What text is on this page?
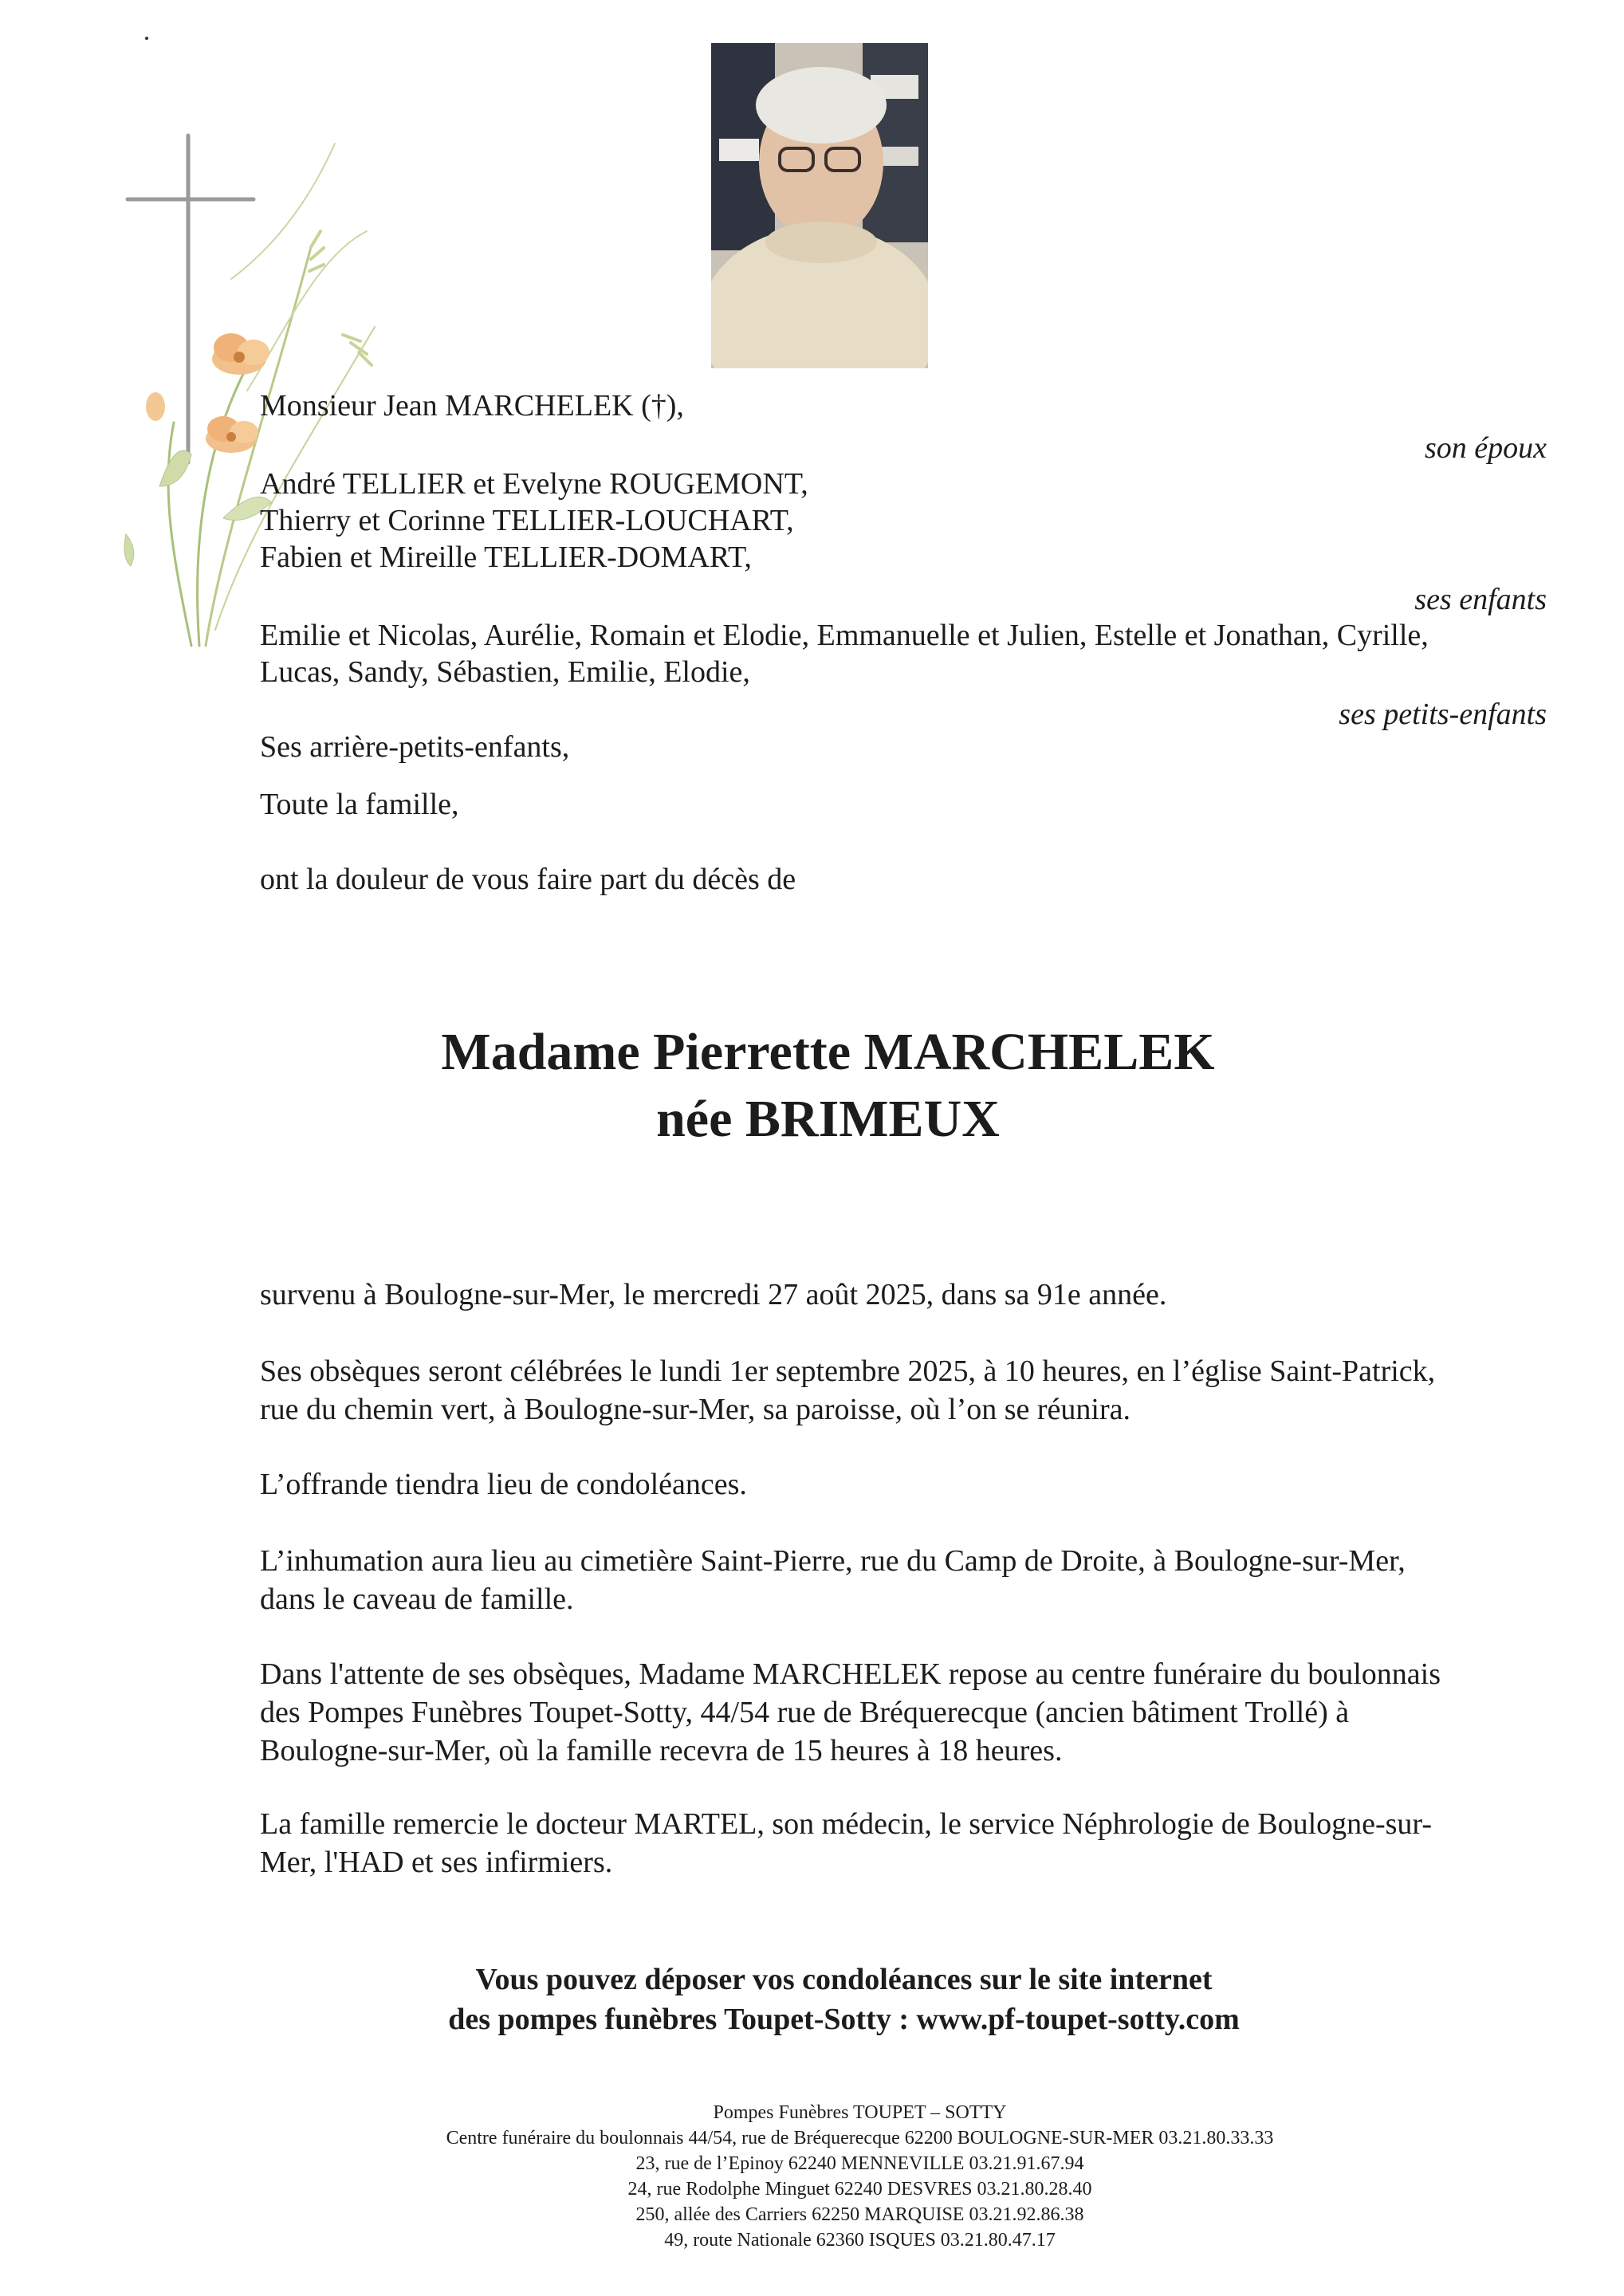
Monsieur Jean MARCHELEK (†),
son époux
André TELLIER et Evelyne ROUGEMONT,
Thierry et Corinne TELLIER-LOUCHART,
Fabien et Mireille TELLIER-DOMART,
ses enfants
Emilie et Nicolas, Aurélie, Romain et Elodie, Emmanuelle et Julien, Estelle et Jonathan, Cyrille,
Lucas, Sandy, Sébastien, Emilie, Elodie,
ses petits-enfants
Ses arrière-petits-enfants,
Toute la famille,
ont la douleur de vous faire part du décès de
Madame Pierrette MARCHELEK
née BRIMEUX
survenu à Boulogne-sur-Mer, le mercredi 27 août 2025, dans sa 91e année.
Ses obsèques seront célébrées le lundi 1er septembre 2025, à 10 heures, en l’église Saint-Patrick,
rue du chemin vert, à Boulogne-sur-Mer, sa paroisse, où l’on se réunira.
L’offrande tiendra lieu de condoléances.
L’inhumation aura lieu au cimetière Saint-Pierre, rue du Camp de Droite, à Boulogne-sur-Mer,
dans le caveau de famille.
Dans l'attente de ses obsèques, Madame MARCHELEK repose au centre funéraire du boulonnais
des Pompes Funèbres Toupet-Sotty, 44/54 rue de Bréquerecque (ancien bâtiment Trollé) à
Boulogne-sur-Mer, où la famille recevra de 15 heures à 18 heures.
La famille remercie le docteur MARTEL, son médecin, le service Néphrologie de Boulogne-sur-
Mer, l'HAD et ses infirmiers.
Vous pouvez déposer vos condoléances sur le site internet
des pompes funèbres Toupet-Sotty : www.pf-toupet-sotty.com
Pompes Funèbres TOUPET – SOTTY
Centre funéraire du boulonnais 44/54, rue de Bréquerecque 62200 BOULOGNE-SUR-MER 03.21.80.33.33
23, rue de l’Epinoy 62240 MENNEVILLE 03.21.91.67.94
24, rue Rodolphe Minguet 62240 DESVRES 03.21.80.28.40
250, allée des Carriers 62250 MARQUISE 03.21.92.86.38
49, route Nationale 62360 ISQUES 03.21.80.47.17
